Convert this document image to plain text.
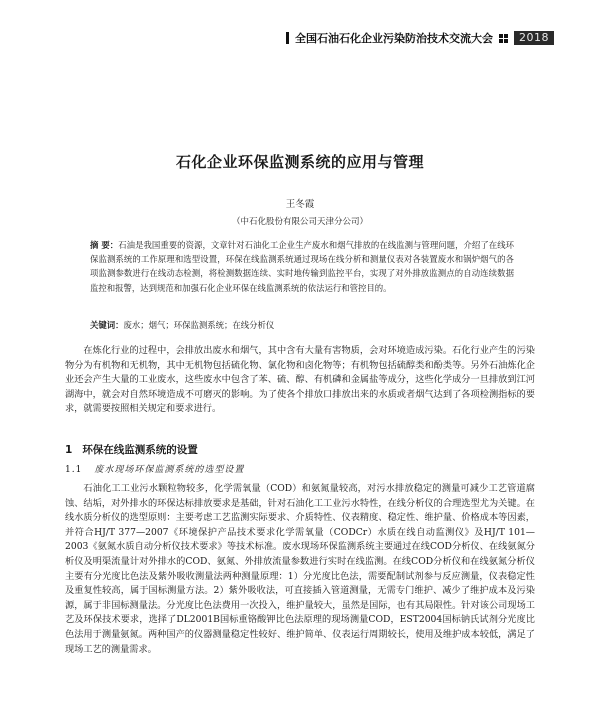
全国石油石化企业污染防治技术交流大会	2018
石化企业环保监测系统的应用与管理
王冬霞
（中石化股份有限公司天津分公司）
摘 要：石油是我国重要的资源，文章针对石油化工企业生产废水和烟气排放的在线监测与管理问题，介绍了在线环保监测系统的工作原理和选型设置，环保在线监测系统通过现场在线分析和测量仪表对各装置废水和锅炉烟气的各项监测参数进行在线动态检测，将检测数据连续、实时地传输到监控平台，实现了对外排放监测点的自动连续数据监控和报警，达到规范和加强石化企业环保在线监测系统的依法运行和管控目的。
关键词：废水；烟气；环保监测系统；在线分析仪

在炼化行业的过程中，会排放出废水和烟气，其中含有大量有害物质，会对环境造成污染。石化行业产生的污染物分为有机物和无机物，其中无机物包括硫化物、氯化物和卤化物等；有机物包括硫醇类和酚类等。另外石油炼化企业还会产生大量的工业废水，这些废水中包含了苯、硫、醇、有机磷和金属盐等成分，这些化学成分一旦排放到江河湖海中，就会对自然环境造成不可磨灭的影响。为了使各个排放口排放出来的水质或者烟气达到了各项检测指标的要求，就需要按照相关规定和要求进行。

1 环保在线监测系统的设置
1.1 废水现场环保监测系统的选型设置

石油化工工业污水颗粒物较多，化学需氧量（COD）和氨氮量较高，对污水排放稳定的测量可减少工艺管道腐蚀、结垢，对外排水的环保达标排放要求是基础，针对石油化工工业污水特性，在线分析仪的合理选型尤为关键。在线水质分析仪的选型原则：主要考虑工艺监测实际要求、介质特性、仪表精度、稳定性、维护量、价格成本等因素，并符合HJ/T 377—2007《环境保护产品技术要求化学需氧量（CODCr）水质在线自动监测仪》及HJ/T 101—2003《氨氮水质自动分析仪技术要求》等技术标准。废水现场环保监测系统主要通过在线COD分析仪、在线氨氮分析仪及明渠流量计对外排水的COD、氨氮、外排放流量参数进行实时在线监测。在线COD分析仪和在线氨氮分析仪主要有分光度比色法及紫外吸收测量法两种测量原理：1）分光度比色法，需要配制试剂参与反应测量，仪表稳定性及重复性较高，属于国标测量方法。2）紫外吸收法，可直接插入管道测量，无需专门维护、减少了维护成本及污染源，属于非国标测量法。分光度比色法费用一次投入，维护量较大，虽然是国际，也有其局限性。针对该公司现场工艺及环保技术要求，选择了DL2001B国标重铬酸钾比色法原理的现场测量COD，EST2004国标钠氏试剂分光度比色法用于测量氨氮。两种国产的仪器测量稳定性较好、维护简单、仪表运行周期较长，使用及维护成本较低，满足了现场工艺的测量需求。
